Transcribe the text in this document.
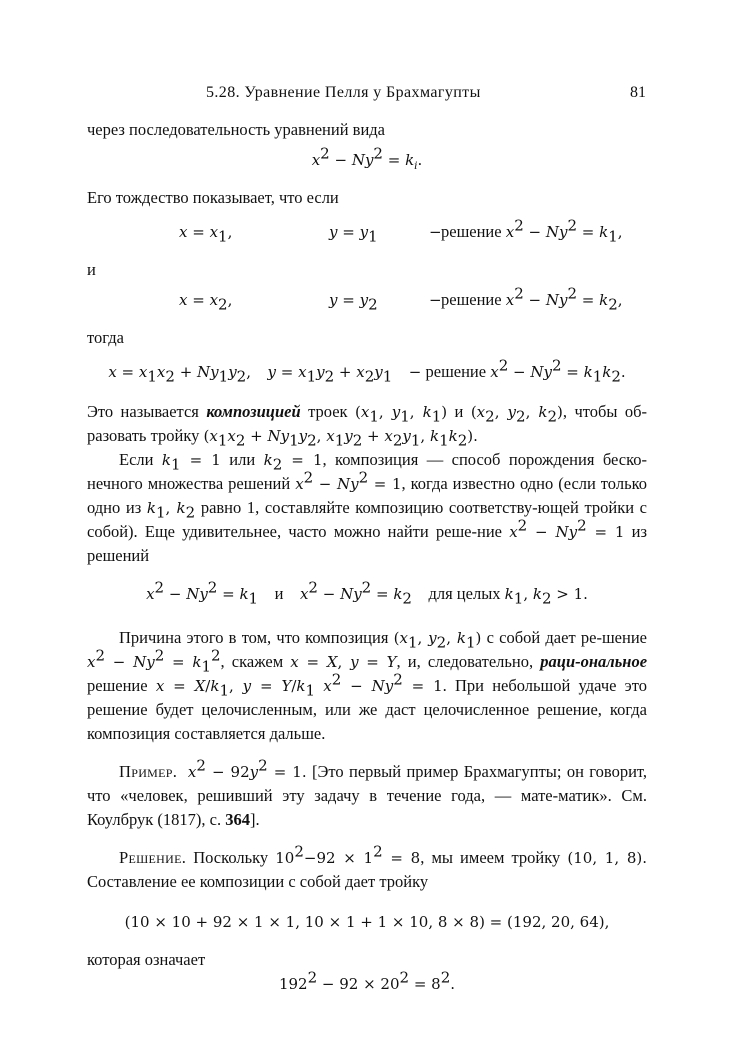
5.28. Уравнение Пелля у Брахмагупты	81

через последовательность уравнений вида

$x^2 - Ny^2 = k_i$.

Его тождество показывает, что если

$x = x_1$,	$y = y_1$	− решение $x^2 - Ny^2 = k_1$,

и

$x = x_2$,	$y = y_2$	− решение $x^2 - Ny^2 = k_2$,

тогда

$x = x_1x_2 + Ny_1y_2$, $y = x_1y_2 + x_2y_1$ − решение $x^2 - Ny^2 = k_1k_2$.

Это называется композицией троек ($x_1$, $y_1$, $k_1$) и ($x_2$, $y_2$, $k_2$), чтобы об-разовать тройку ($x_1x_2 + Ny_1y_2$, $x_1y_2 + x_2y_1$, $k_1k_2$).

Если $k_1 = 1$ или $k_2 = 1$, композиция — способ порождения беско-нечного множества решений $x^2 - Ny^2 = 1$, когда известно одно (если только одно из $k_1$, $k_2$ равно 1, составляйте композицию соответству-ющей тройки с собой). Еще удивительнее, часто можно найти реше-ние $x^2 - Ny^2 = 1$ из решений

$x^2 - Ny^2 = k_1$ и $x^2 - Ny^2 = k_2$ для целых $k_1$, $k_2 > 1$.

Причина этого в том, что композиция ($x_1$, $y_2$, $k_1$) с собой дает ре-шение $x^2 - Ny^2 = k_1^2$, скажем x = X, y = Y, и, следовательно, раци-ональное решение $x = X/k_1$, $y = Y/k_1$ $x^2 - Ny^2 = 1$. При небольшой удаче это решение будет целочисленным, или же даст целочисленное решение, когда композиция составляется дальше.

Пример. $x^2 - 92y^2 = 1$. [Это первый пример Брахмагупты; он говорит, что «человек, решивший эту задачу в течение года, — мате-матик». См. Коулбрук (1817), с. 364].

Решение. Поскольку $10^2-92 \times 1^2 = 8$, мы имеем тройку (10, 1, 8). Составление ее композиции с собой дает тройку

(10 × 10 + 92 × 1 × 1, 10 × 1 + 1 × 10, 8 × 8) = (192, 20, 64),

которая означает

$192^2 - 92 \times 20^2 = 8^2$.
